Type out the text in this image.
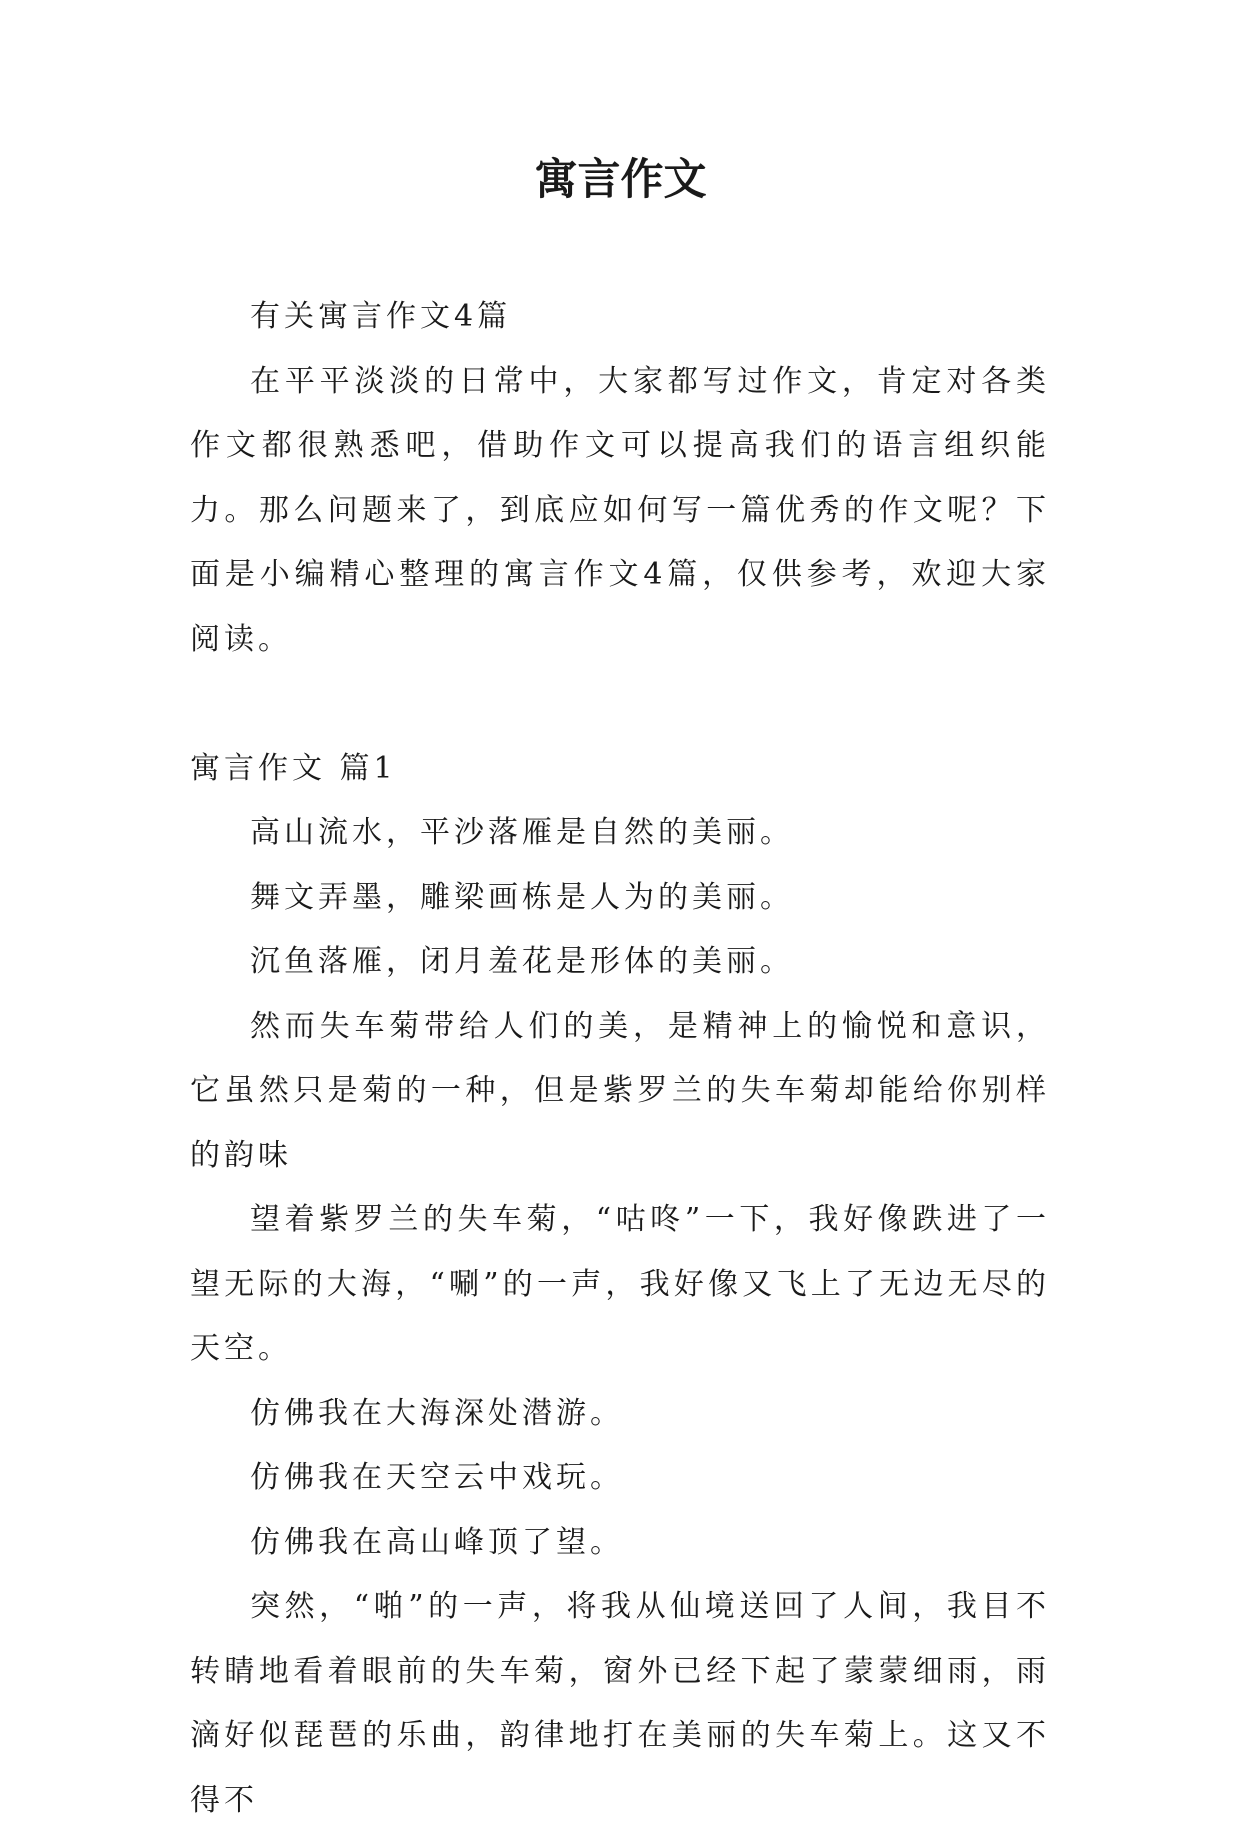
寓言作文

有关寓言作文4篇

在平平淡淡的日常中，大家都写过作文，肯定对各类作文都很熟悉吧，借助作文可以提高我们的语言组织能力。那么问题来了，到底应如何写一篇优秀的作文呢？下面是小编精心整理的寓言作文4篇，仅供参考，欢迎大家阅读。

寓言作文 篇1

高山流水，平沙落雁是自然的美丽。

舞文弄墨，雕梁画栋是人为的美丽。

沉鱼落雁，闭月羞花是形体的美丽。

然而失车菊带给人们的美，是精神上的愉悦和意识，它虽然只是菊的一种，但是紫罗兰的失车菊却能给你别样的韵味

望着紫罗兰的失车菊，“咕咚”一下，我好像跌进了一望无际的大海，“唰”的一声，我好像又飞上了无边无尽的天空。

仿佛我在大海深处潜游。

仿佛我在天空云中戏玩。

仿佛我在高山峰顶了望。

突然，“啪”的一声，将我从仙境送回了人间，我目不转睛地看着眼前的失车菊，窗外已经下起了蒙蒙细雨，雨滴好似琵琶的乐曲，韵律地打在美丽的失车菊上。这又不得不
